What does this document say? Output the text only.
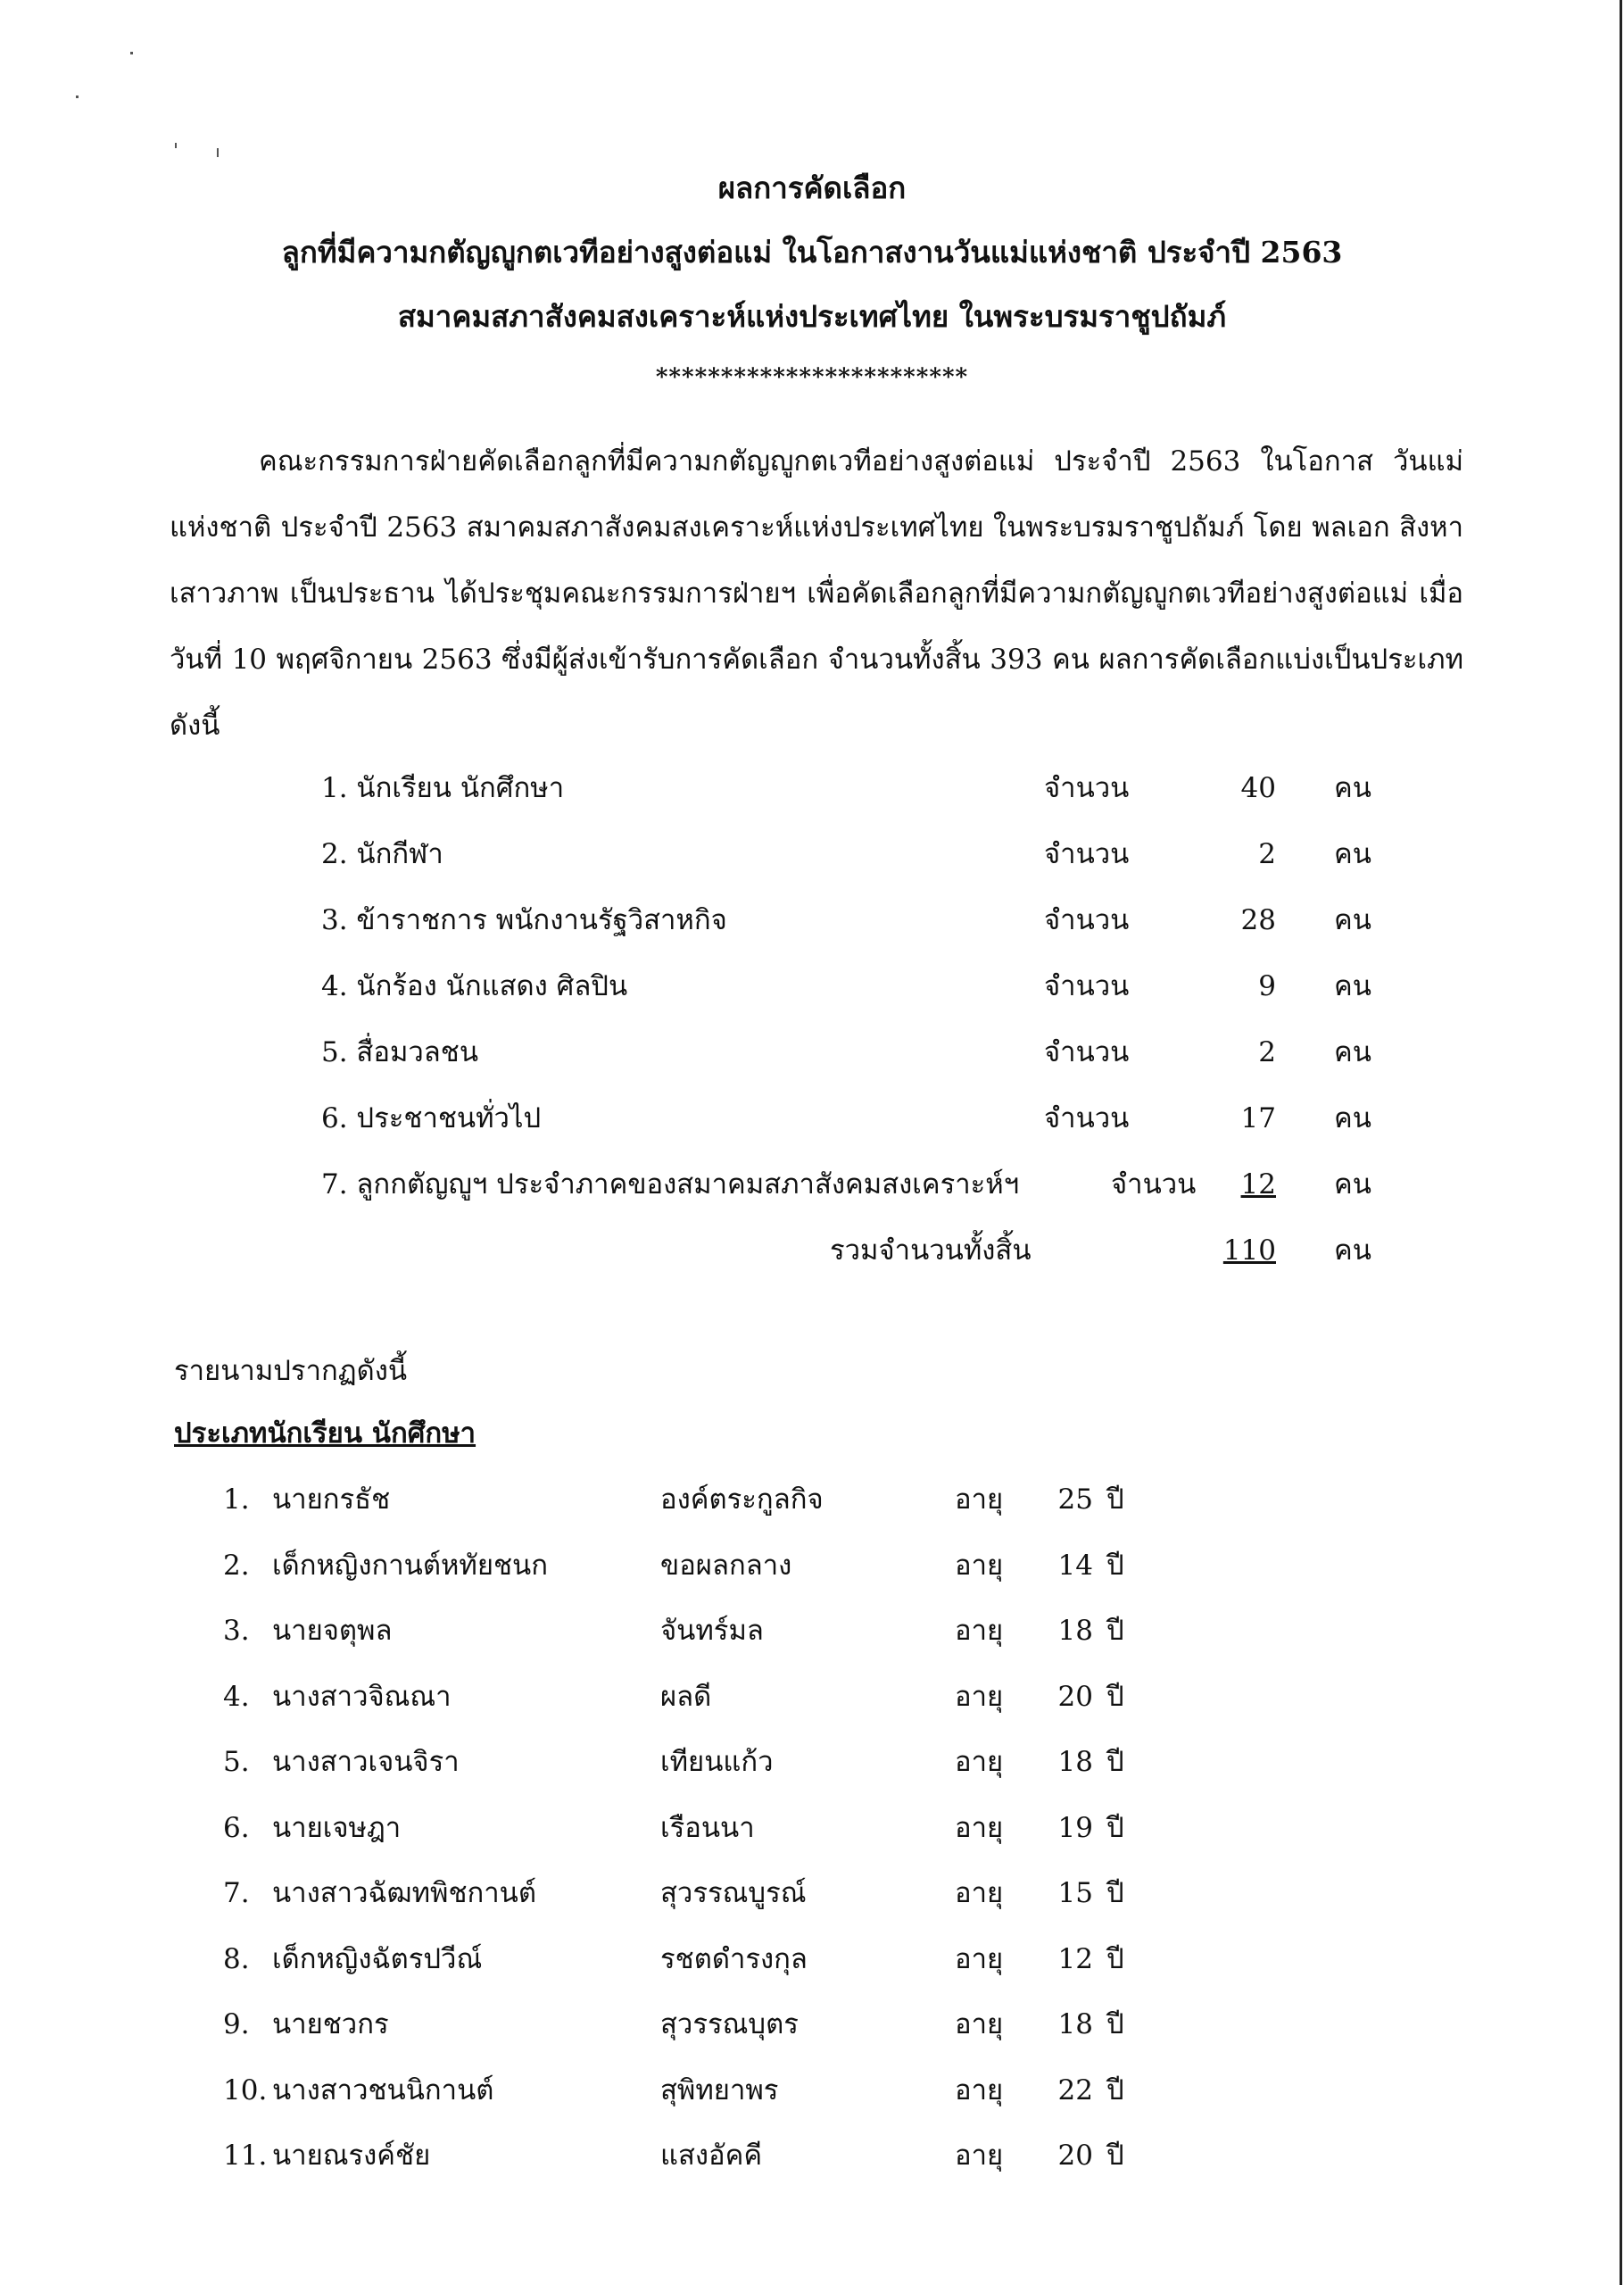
ผลการคัดเลือก
ลูกที่มีความกตัญญูกตเวทีอย่างสูงต่อแม่ ในโอกาสงานวันแม่แห่งชาติ ประจำปี 2563
สมาคมสภาสังคมสงเคราะห์แห่งประเทศไทย ในพระบรมราชูปถัมภ์
************************
คณะกรรมการฝ่ายคัดเลือกลูกที่มีความกตัญญูกตเวทีอย่างสูงต่อแม่ ประจำปี 2563 ในโอกาส วันแม่แห่งชาติ ประจำปี 2563 สมาคมสภาสังคมสงเคราะห์แห่งประเทศไทย ในพระบรมราชูปถัมภ์ โดย พลเอก สิงหา เสาวภาพ เป็นประธาน ได้ประชุมคณะกรรมการฝ่ายฯ เพื่อคัดเลือกลูกที่มีความกตัญญูกตเวทีอย่างสูงต่อแม่ เมื่อวันที่ 10 พฤศจิกายน 2563 ซึ่งมีผู้ส่งเข้ารับการคัดเลือก จำนวนทั้งสิ้น 393 คน ผลการคัดเลือกแบ่งเป็นประเภทดังนี้
1. นักเรียน นักศึกษา	จำนวน	40 คน
2. นักกีฬา	จำนวน	2 คน
3. ข้าราชการ พนักงานรัฐวิสาหกิจ	จำนวน	28 คน
4. นักร้อง นักแสดง ศิลปิน	จำนวน	9 คน
5. สื่อมวลชน	จำนวน	2 คน
6. ประชาชนทั่วไป	จำนวน	17 คน
7. ลูกกตัญญูฯ ประจำภาคของสมาคมสภาสังคมสงเคราะห์ฯ	จำนวน	12 คน
รวมจำนวนทั้งสิ้น	110 คน
รายนามปรากฏดังนี้
ประเภทนักเรียน นักศึกษา
1. นายกรธัช	องค์ตระกูลกิจ	อายุ	25 ปี
2. เด็กหญิงกานต์หทัยชนก	ขอผลกลาง	อายุ	14 ปี
3. นายจตุพล	จันทร์มล	อายุ	18 ปี
4. นางสาวจิณณา	ผลดี	อายุ	20 ปี
5. นางสาวเจนจิรา	เทียนแก้ว	อายุ	18 ปี
6. นายเจษฎา	เรือนนา	อายุ	19 ปี
7. นางสาวฉัฒทพิชกานต์	สุวรรณบูรณ์	อายุ	15 ปี
8. เด็กหญิงฉัตรปวีณ์	รชตดำรงกุล	อายุ	12 ปี
9. นายชวกร	สุวรรณบุตร	อายุ	18 ปี
10. นางสาวชนนิกานต์	สุพิทยาพร	อายุ	22 ปี
11. นายณรงค์ชัย	แสงอัคคี	อายุ	20 ปี
